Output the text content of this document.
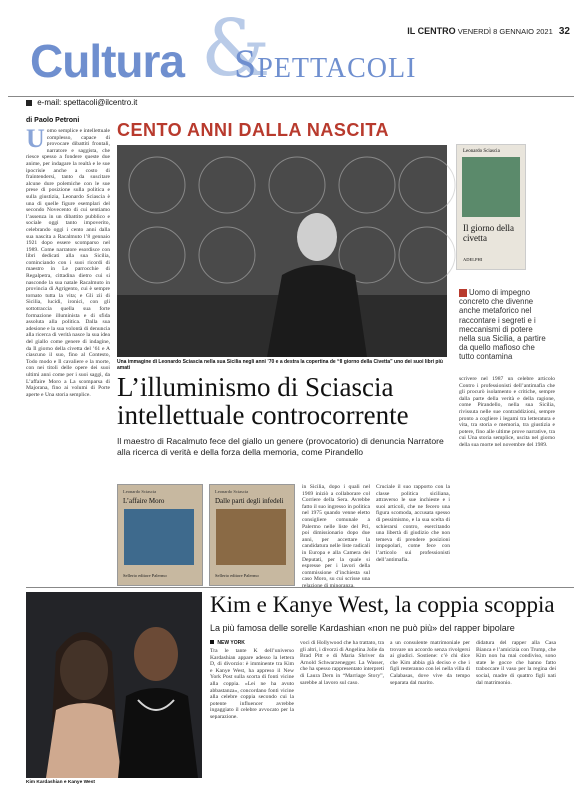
Cultura &
Spettacoli
IL CENTRO VENERDÌ 8 GENNAIO 2021 32
e-mail: spettacoli@ilcentro.it
di Paolo Petroni
U omo semplice e intellettuale complesso, capace di provocare dibattiti frontali, narratore e saggista, che riesce spesso a fondere queste due anime, per indagare la realtà e le sue ipocrisie anche a costo di fraintendersi, tanto da suscitare alcune dure polemiche con le sue prese di posizione sulla politica e sulla giustizia, Leonardo Sciascia è una di quelle figure esemplari del secondo Novecento di cui sentiamo l’assenza in un dibattito pubblico e sociale oggi tanto impoverito, celebrando oggi i cento anni dalla sua nascita a Racalmuto l’8 gennaio 1921 dopo essere scomparso nel 1989. Come narratore esordisce con libri dedicati alla sua Sicilia, cominciando con i suoi ricordi di maestro in Le parrocchie di Regalpetra, cittadina dietro cui si nasconde la sua natale Racalmuto in provincia di Agrigento, cui è sempre tornato tutta la vita; e Gli zii di Sicilia, lucidi, ironici, con gli sottotraccia quella sua forte formazione illuminista e di sfida assoluta alla politica. Dalla sua adesione e la sua volontà di denuncia alla ricerca di verità nasce la sua idea del giallo come genere di indagine, da Il giorno della civetta del ’61 e A ciascuno il suo, fino al Contesto, Todo modo e Il cavaliere e la morte, con nei titoli delle opere dei suoi ultimi anni come per i suoi saggi, da L’affaire Moro a La scomparsa di Majorana, fino ai volumi di Porte aperte e Una storia semplice.
CENTO ANNI DALLA NASCITA
Una immagine di Leonardo Sciascia nella sua Sicilia negli anni ’70 e a destra la copertina de “Il giorno della Civetta” uno dei suoi libri più amati
Leonardo Sciascia
Il giorno della civetta
ADELPHI

Uomo di impegno concreto che divenne anche metaforico nel raccontare i segreti e i meccanismi di potere nella sua Sicilia, a partire da quello mafioso che tutto contamina

L’illuminismo di Sciascia intellettuale controcorrente
Il maestro di Racalmuto fece del giallo un genere (provocatorio) di denuncia Narratore alla ricerca di verità e della forza della memoria, come Pirandello
Leonardo Sciascia
L’affaire Moro
Sellerio editore Palermo
Leonardo Sciascia
Dalle parti degli infedeli
Sellerio editore Palermo
in Sicilia, dopo i quali nel 1969 iniziò a collaborare col Corriere della Sera. Avrebbe fatto il suo ingresso in politica nel 1975 quando venne eletto consigliere comunale a Palermo nelle liste del Pci, poi dimissionario dopo due anni, per accettare la candidatura nelle liste radicali in Europa e alla Camera dei Deputati, per la quale si espresse per i lavori della commissione d’inchiesta sul caso Moro, su cui scrisse una relazione di minoranza.
Cruciale il suo rapporto con la classe politica siciliana, attraverso le sue inchieste e i suoi articoli, che ne fecero una figura scomoda, accusata spesso di pessimismo, e la sua scelta di schierarsi contro, esercitando una libertà di giudizio che non temeva di prendere posizioni impopolari, come fece con l’articolo sui professionisti dell’antimafia.
scrivere nel 1987 un celebre articolo Contro i professionisti dell’antimafia che gli procurò isolamento e critiche, sempre dalla parte della verità e della ragione, come Pirandello, nella sua Sicilia, rivissuta nelle sue contraddizioni, sempre pronto a cogliere i legami tra letteratura e vita, tra storia e memoria, tra giustizia e potere, fino alle ultime prove narrative, tra cui Una storia semplice, uscita nel giorno della sua morte nel novembre del 1989.
Kim Kardashian e Kanye West
Kim e Kanye West, la coppia scoppia
La più famosa delle sorelle Kardashian «non ne può più» del rapper bipolare
NEW YORK
Tra le tante K dell’universo Kardashian appare adesso la lettera D, di divorzio: è imminente tra Kim e Kanye West, ha appreso il New York Post sulla scorta di fonti vicine alla coppia. «Lei ne ha avuto abbastanza», concordano fonti vicine alla celebre coppia secondo cui la potente influencer avrebbe ingaggiato il celebre avvocato per la separazione.
voci di Hollywood che ha trattato, tra gli altri, i divorzi di Angelina Jolie da Brad Pitt e di Maria Shriver da Arnold Schwarzenegger. La Wasser, che ha spesso rappresentato interpreti di Laura Dern in “Marriage Story”, sarebbe al lavoro sul caso.
a un consulente matrimoniale per trovare un accordo senza rivolgersi ai giudici. Sostiene: c’è chi dice che Kim abbia già deciso e che i figli resteranno con lei nella villa di Calabasas, dove vive da tempo separata dal marito.
didatura del rapper alla Casa Bianca e l’amicizia con Trump, che Kim non ha mai condiviso, sono state le gocce che hanno fatto traboccare il vaso per la regina dei social, madre di quattro figli nati dal matrimonio.
